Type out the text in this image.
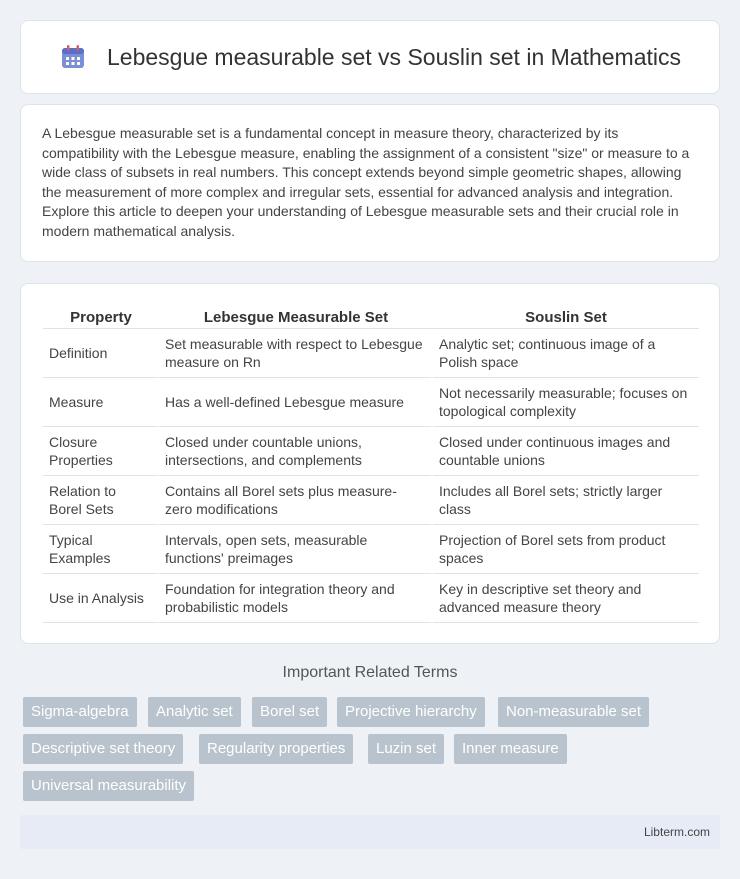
Lebesgue measurable set vs Souslin set in Mathematics

A Lebesgue measurable set is a fundamental concept in measure theory, characterized by its compatibility with the Lebesgue measure, enabling the assignment of a consistent "size" or measure to a wide class of subsets in real numbers. This concept extends beyond simple geometric shapes, allowing the measurement of more complex and irregular sets, essential for advanced analysis and integration. Explore this article to deepen your understanding of Lebesgue measurable sets and their crucial role in modern mathematical analysis.

Property	Lebesgue Measurable Set	Souslin Set
Definition	Set measurable with respect to Lebesgue measure on Rn	Analytic set; continuous image of a Polish space
Measure	Has a well-defined Lebesgue measure	Not necessarily measurable; focuses on topological complexity
Closure Properties	Closed under countable unions, intersections, and complements	Closed under continuous images and countable unions
Relation to Borel Sets	Contains all Borel sets plus measure-zero modifications	Includes all Borel sets; strictly larger class
Typical Examples	Intervals, open sets, measurable functions' preimages	Projection of Borel sets from product spaces
Use in Analysis	Foundation for integration theory and probabilistic models	Key in descriptive set theory and advanced measure theory
Important Related Terms
Sigma-algebra	Analytic set	Borel set	Projective hierarchy	Non-measurable set
Descriptive set theory	Regularity properties	Luzin set	Inner measure
Universal measurability
Libterm.com
